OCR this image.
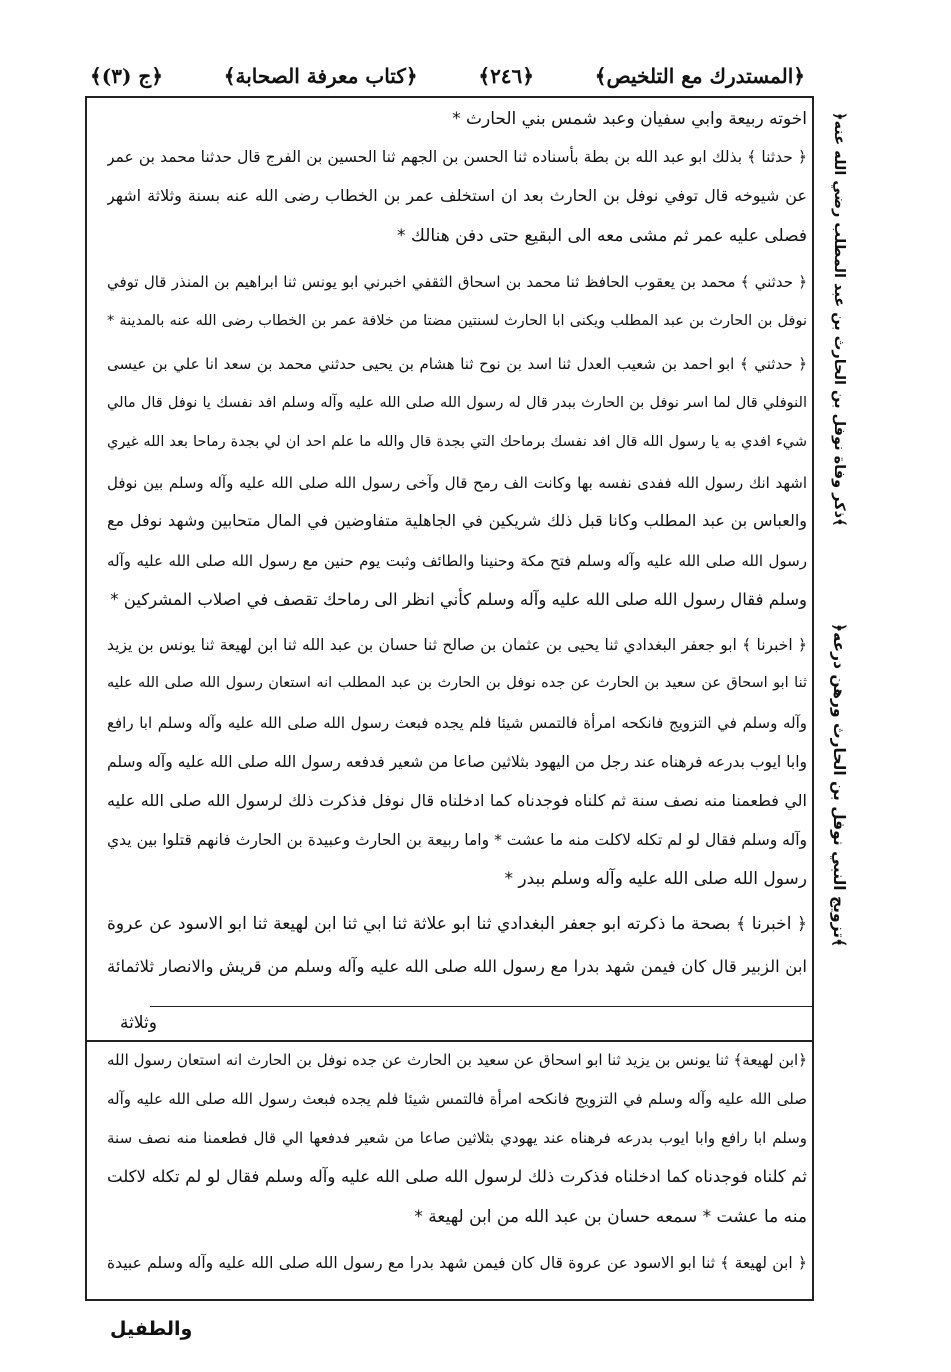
﴿المستدرك مع التلخيص﴾
﴿٢٤٦﴾
﴿كتاب معرفة الصحابة﴾
﴿ج (٣)﴾
﴿ذكر وفاة نوفل بن الحارث بن عبد المطلب رضي الله عنه﴾
﴿تزويج النبي نوفل بن الحارث ورهن درعه﴾
اخوته ربيعة وابي سفيان وعبد شمس بني الحارث *
﴿ حدثنا ﴾ بذلك ابو عبد الله بن بطة بأسناده ثنا الحسن بن الجهم ثنا الحسين بن الفرج قال حدثنا محمد بن عمر
عن شيوخه قال توفي نوفل بن الحارث بعد ان استخلف عمر بن الخطاب رضى الله عنه بسنة وثلاثة اشهر
فصلى عليه عمر ثم مشى معه الى البقيع حتى دفن هنالك *
﴿ حدثني ﴾ محمد بن يعقوب الحافظ ثنا محمد بن اسحاق الثقفي اخبرني ابو يونس ثنا ابراهيم بن المنذر قال توفي
نوفل بن الحارث بن عبد المطلب ويكنى ابا الحارث لسنتين مضتا من خلافة عمر بن الخطاب رضى الله عنه بالمدينة *
﴿ حدثني ﴾ ابو احمد بن شعيب العدل ثنا اسد بن نوح ثنا هشام بن يحيى حدثني محمد بن سعد انا علي بن عيسى
النوفلي قال لما اسر نوفل بن الحارث ببدر قال له رسول الله صلى الله عليه وآله وسلم افد نفسك يا نوفل قال مالي
شيء افدي به يا رسول الله قال افد نفسك برماحك التي بجدة قال والله ما علم احد ان لي بجدة رماحا بعد الله غيري
اشهد انك رسول الله ففدى نفسه بها وكانت الف رمح قال وآخى رسول الله صلى الله عليه وآله وسلم بين نوفل
والعباس بن عبد المطلب وكانا قبل ذلك شريكين في الجاهلية متفاوضين في المال متحابين وشهد نوفل مع
رسول الله صلى الله عليه وآله وسلم فتح مكة وحنينا والطائف وثبت يوم حنين مع رسول الله صلى الله عليه وآله
وسلم فقال رسول الله صلى الله عليه وآله وسلم كأني انظر الى رماحك تقصف في اصلاب المشركين *
﴿ اخبرنا ﴾ ابو جعفر البغدادي ثنا يحيى بن عثمان بن صالح ثنا حسان بن عبد الله ثنا ابن لهيعة ثنا يونس بن يزيد
ثنا ابو اسحاق عن سعيد بن الحارث عن جده نوفل بن الحارث بن عبد المطلب انه استعان رسول الله صلى الله عليه
وآله وسلم في التزويج فانكحه امرأة فالتمس شيئا فلم يجده فبعث رسول الله صلى الله عليه وآله وسلم ابا رافع
وابا ايوب بدرعه فرهناه عند رجل من اليهود بثلاثين صاعا من شعير فدفعه رسول الله صلى الله عليه وآله وسلم
الي فطعمنا منه نصف سنة ثم كلناه فوجدناه كما ادخلناه قال نوفل فذكرت ذلك لرسول الله صلى الله عليه
وآله وسلم فقال لو لم تكله لاكلت منه ما عشت * واما ربيعة بن الحارث وعبيدة بن الحارث فانهم قتلوا بين يدي
رسول الله صلى الله عليه وآله وسلم ببدر *
﴿ اخبرنا ﴾ بصحة ما ذكرته ابو جعفر البغدادي ثنا ابو علاثة ثنا ابي ثنا ابن لهيعة ثنا ابو الاسود عن عروة
ابن الزبير قال كان فيمن شهد بدرا مع رسول الله صلى الله عليه وآله وسلم من قريش والانصار ثلاثمائة
وثلاثة
﴿ابن لهيعة﴾ ثنا يونس بن يزيد ثنا ابو اسحاق عن سعيد بن الحارث عن جده نوفل بن الحارث انه استعان رسول الله
صلى الله عليه وآله وسلم في التزويج فانكحه امرأة فالتمس شيئا فلم يجده فبعث رسول الله صلى الله عليه وآله
وسلم ابا رافع وابا ايوب بدرعه فرهناه عند يهودي بثلاثين صاعا من شعير فدفعها الي قال فطعمنا منه نصف سنة
ثم كلناه فوجدناه كما ادخلناه فذكرت ذلك لرسول الله صلى الله عليه وآله وسلم فقال لو لم تكله لاكلت
منه ما عشت * سمعه حسان بن عبد الله من ابن لهيعة *
﴿ ابن لهيعة ﴾ ثنا ابو الاسود عن عروة قال كان فيمن شهد بدرا مع رسول الله صلى الله عليه وآله وسلم عبيدة
والطفيل
